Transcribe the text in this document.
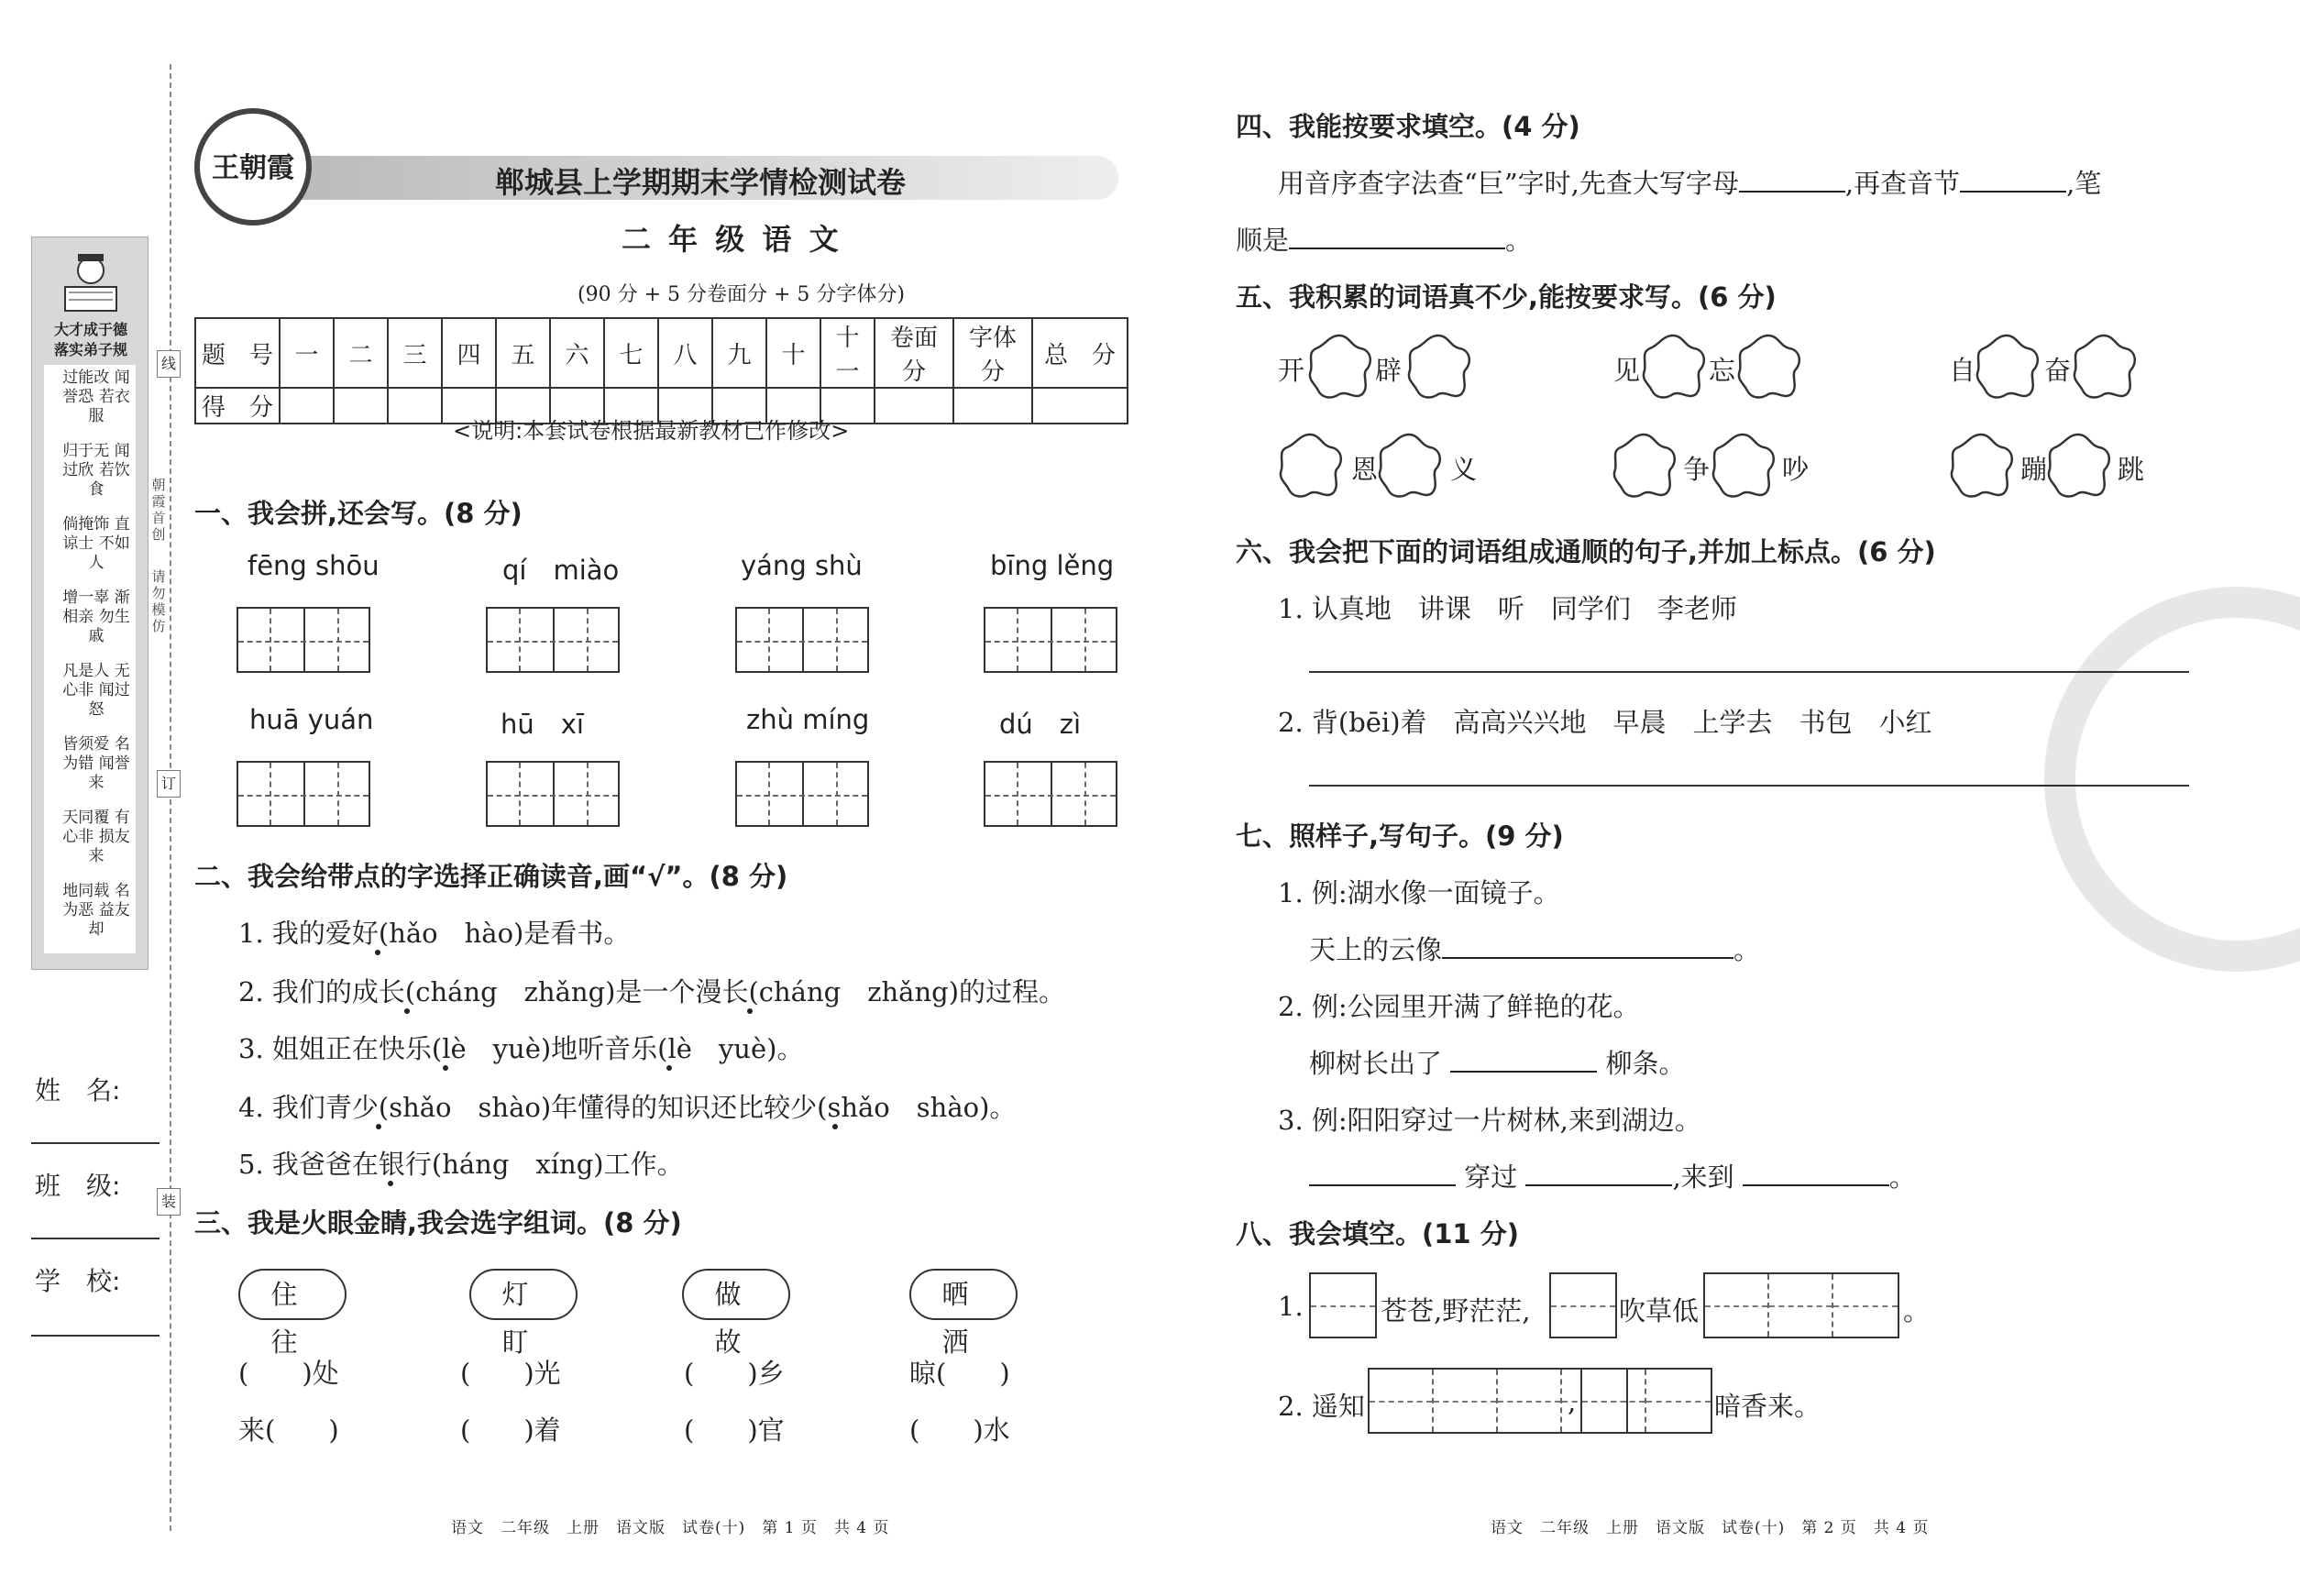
线
订
装
朝霞首创
请勿模仿
大才成于德
落实弟子规
过能改 闻誉恐 若衣服
归于无 闻过欣 若饮食
倘掩饰 直谅士 不如人
增一辜 渐相亲 勿生戚
凡是人 无心非 闻过怒
皆须爱 名为错 闻誉来
天同覆 有心非 损友来
地同载 名为恶 益友却
姓　名:
班　级:
学　校:
王朝霞	郸城县上学期期末学情检测试卷
二 年 级 语 文
(90 分 + 5 分卷面分 + 5 分字体分)
题　号	一	二	三	四	五	六	七	八	九	十	十一	卷面分	字体分	总　分
得　分														
<说明:本套试卷根据最新教材已作修改>
一、我会拼,还会写。(8 分)
fēng shōu	qí　miào	yáng shù	bīng lěng
huā yuán	hū　xī	zhù míng	dú　zì
二、我会给带点的字选择正确读音,画“√”。(8 分)
1. 我的爱好(hǎo　hào)是看书。
2. 我们的成长(cháng　zhǎng)是一个漫长(cháng　zhǎng)的过程。
3. 姐姐正在快乐(lè　yuè)地听音乐(lè　yuè)。
4. 我们青少(shǎo　shào)年懂得的知识还比较少(shǎo　shào)。
5. 我爸爸在银行(háng　xíng)工作。
三、我是火眼金睛,我会选字组词。(8 分)
住 往
灯 盯
做 故
晒 洒
(　　)处	(　　)光	(　　)乡	晾(　　)
来(　　)	(　　)着	(　　)官	(　　)水
语文　二年级　上册　语文版　试卷(十)　第 1 页　共 4 页
四、我能按要求填空。(4 分)
用音序查字法查“巨”字时,先查大写字母	,再查音节	,笔
顺是	。
五、我积累的词语真不少,能按要求写。(6 分)
开	辟	见	忘	自	奋
恩	义	争	吵	蹦	跳
六、我会把下面的词语组成通顺的句子,并加上标点。(6 分)
1. 认真地　讲课　听　同学们　李老师
2. 背(bēi)着　高高兴兴地　早晨　上学去　书包　小红
七、照样子,写句子。(9 分)
1. 例:湖水像一面镜子。
天上的云像	。
2. 例:公园里开满了鲜艳的花。
柳树长出了	柳条。
3. 例:阳阳穿过一片树林,来到湖边。
穿过	,来到	。
八、我会填空。(11 分)
1.	苍苍,野茫茫,	吹草低	。
2. 遥知	,	暗香来。
语文　二年级　上册　语文版　试卷(十)　第 2 页　共 4 页
